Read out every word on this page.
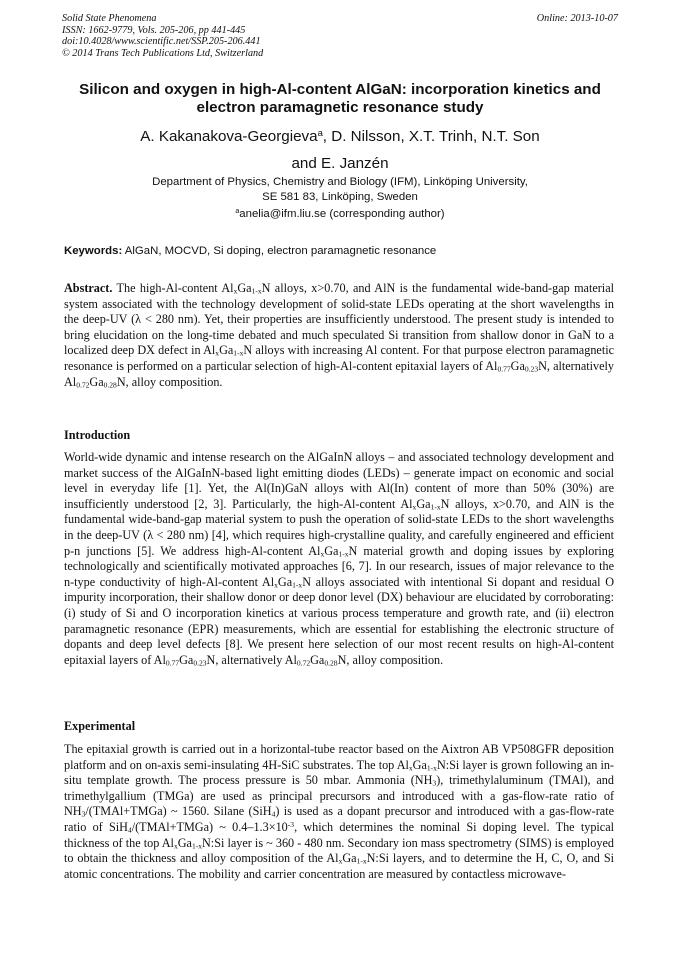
Solid State Phenomena
ISSN: 1662-9779, Vols. 205-206, pp 441-445
doi:10.4028/www.scientific.net/SSP.205-206.441
© 2014 Trans Tech Publications Ltd, Switzerland
Online: 2013-10-07
Silicon and oxygen in high-Al-content AlGaN: incorporation kinetics and
electron paramagnetic resonance study
A. Kakanakova-Georgieva$^a$, D. Nilsson, X.T. Trinh, N.T. Son
and E. Janzén
Department of Physics, Chemistry and Biology (IFM), Linköping University,
SE 581 83, Linköping, Sweden
$^a$anelia@ifm.liu.se (corresponding author)
Keywords: AlGaN, MOCVD, Si doping, electron paramagnetic resonance
Abstract. The high-Al-content $Al_xGa_{1-x}N$ alloys, x>0.70, and AlN is the fundamental wide-band-gap material system associated with the technology development of solid-state LEDs operating at the short wavelengths in the deep-UV (λ < 280 nm). Yet, their properties are insufficiently understood. The present study is intended to bring elucidation on the long-time debated and much speculated Si transition from shallow donor in GaN to a localized deep DX defect in $Al_xGa_{1-x}N$ alloys with increasing Al content. For that purpose electron paramagnetic resonance is performed on a particular selection of high-Al-content epitaxial layers of $Al_{0.77}Ga_{0.23}N$, alternatively $Al_{0.72}Ga_{0.28}N$, alloy composition.
Introduction
World-wide dynamic and intense research on the AlGaInN alloys – and associated technology development and market success of the AlGaInN-based light emitting diodes (LEDs) – generate impact on economic and social level in everyday life [1]. Yet, the Al(In)GaN alloys with Al(In) content of more than 50% (30%) are insufficiently understood [2, 3]. Particularly, the high-Al-content $Al_xGa_{1-x}N$ alloys, x>0.70, and AlN is the fundamental wide-band-gap material system to push the operation of solid-state LEDs to the short wavelengths in the deep-UV (λ < 280 nm) [4], which requires high-crystalline quality, and carefully engineered and efficient p-n junctions [5]. We address high-Al-content $Al_xGa_{1-x}N$ material growth and doping issues by exploring technologically and scientifically motivated approaches [6, 7]. In our research, issues of major relevance to the n-type conductivity of high-Al-content $Al_xGa_{1-x}N$ alloys associated with intentional Si dopant and residual O impurity incorporation, their shallow donor or deep donor level (DX) behaviour are elucidated by corroborating: (i) study of Si and O incorporation kinetics at various process temperature and growth rate, and (ii) electron paramagnetic resonance (EPR) measurements, which are essential for establishing the electronic structure of dopants and deep level defects [8]. We present here selection of our most recent results on high-Al-content epitaxial layers of $Al_{0.77}Ga_{0.23}N$, alternatively $Al_{0.72}Ga_{0.28}N$, alloy composition.
Experimental
The epitaxial growth is carried out in a horizontal-tube reactor based on the Aixtron AB VP508GFR deposition platform and on on-axis semi-insulating 4H-SiC substrates. The top $Al_xGa_{1-x}N:Si$ layer is grown following an in-situ template growth. The process pressure is 50 mbar. Ammonia $(NH_3)$, trimethylaluminum (TMAl), and trimethylgallium (TMGa) are used as principal precursors and introduced with a gas-flow-rate ratio of $NH_3/(TMAl+TMGa)$ ~ 1560. Silane (SiH$_4$) is used as a dopant precursor and introduced with a gas-flow-rate ratio of SiH$_4$/(TMAl+TMGa) ~ $0.4-1.3\times 10^{-3}$, which determines the nominal Si doping level. The typical thickness of the top $Al_xGa_{1-x}N:Si$ layer is ~ 360 - 480 nm. Secondary ion mass spectrometry (SIMS) is employed to obtain the thickness and alloy composition of the $Al_xGa_{1-x}N:Si$ layers, and to determine the H, C, O, and Si atomic concentrations. The mobility and carrier concentration are measured by contactless microwave-
